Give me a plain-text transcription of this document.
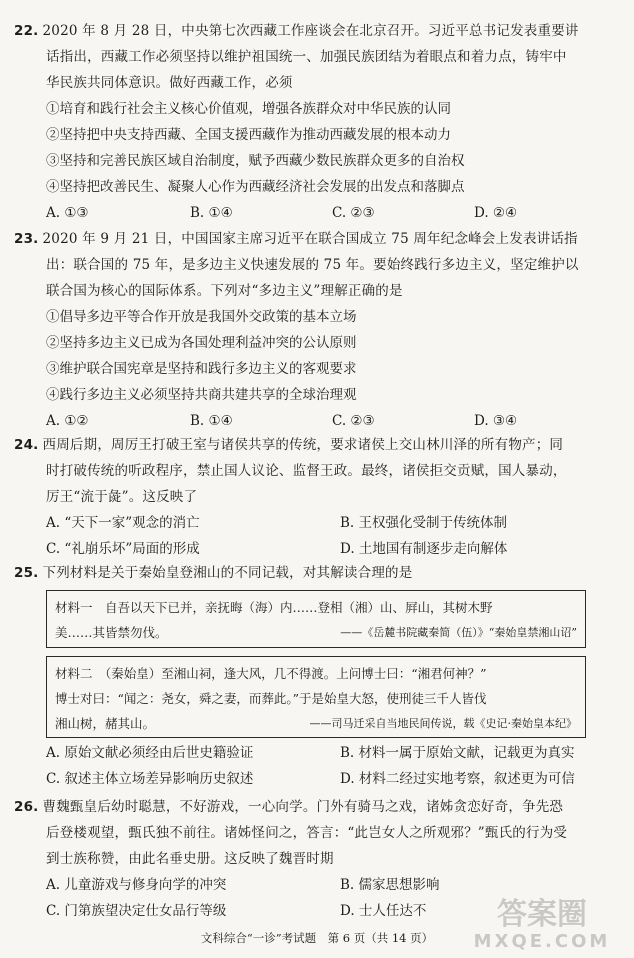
22. 2020 年 8 月 28 日，中央第七次西藏工作座谈会在北京召开。习近平总书记发表重要讲
话指出，西藏工作必须坚持以维护祖国统一、加强民族团结为着眼点和着力点，铸牢中
华民族共同体意识。做好西藏工作，必须
①培育和践行社会主义核心价值观，增强各族群众对中华民族的认同
②坚持把中央支持西藏、全国支援西藏作为推动西藏发展的根本动力
③坚持和完善民族区域自治制度，赋予西藏少数民族群众更多的自治权
④坚持把改善民生、凝聚人心作为西藏经济社会发展的出发点和落脚点
A. ①③	B. ①④	C. ②③	D. ②④
23. 2020 年 9 月 21 日，中国国家主席习近平在联合国成立 75 周年纪念峰会上发表讲话指
出：联合国的 75 年，是多边主义快速发展的 75 年。要始终践行多边主义，坚定维护以
联合国为核心的国际体系。下列对“多边主义”理解正确的是
①倡导多边平等合作开放是我国外交政策的基本立场
②坚持多边主义已成为各国处理利益冲突的公认原则
③维护联合国宪章是坚持和践行多边主义的客观要求
④践行多边主义必须坚持共商共建共享的全球治理观
A. ①②	B. ①④	C. ②③	D. ③④
24. 西周后期，周厉王打破王室与诸侯共享的传统，要求诸侯上交山林川泽的所有物产；同
时打破传统的听政程序，禁止国人议论、监督王政。最终，诸侯拒交贡赋，国人暴动，
厉王“流于彘”。这反映了
A. “天下一家”观念的消亡	B. 王权强化受制于传统体制
C. “礼崩乐坏”局面的形成	D. 土地国有制逐步走向解体
25. 下列材料是关于秦始皇登湘山的不同记载，对其解读合理的是
材料一　自吾以天下已并，亲抚晦（海）内……登相（湘）山、屛山，其树木野
美……其皆禁勿伐。	——《岳麓书院藏秦简（伍）》“秦始皇禁湘山诏”
材料二　（秦始皇）至湘山祠，逢大风，几不得渡。上问博士曰：“湘君何神？”
博士对曰：“闻之：尧女，舜之妻，而葬此。”于是始皇大怒，使刑徒三千人皆伐
湘山树，赭其山。	——司马迁采自当地民间传说，载《史记·秦始皇本纪》
A. 原始文献必须经由后世史籍验证	B. 材料一属于原始文献，记载更为真实
C. 叙述主体立场差异影响历史叙述	D. 材料二经过实地考察，叙述更为可信
26. 曹魏甄皇后幼时聪慧，不好游戏，一心向学。门外有骑马之戏，诸姊贪恋好奇，争先恐
后登楼观望，甄氏独不前往。诸姊怪问之，答言：“此岂女人之所观邪？”甄氏的行为受
到士族称赞，由此名垂史册。这反映了魏晋时期
A. 儿童游戏与修身向学的冲突	B. 儒家思想影响
C. 门第族望决定仕女品行等级	D. 士人任达不
文科综合“一诊”考试题　第 6 页（共 14 页）
答案圈
MXQE.COM
